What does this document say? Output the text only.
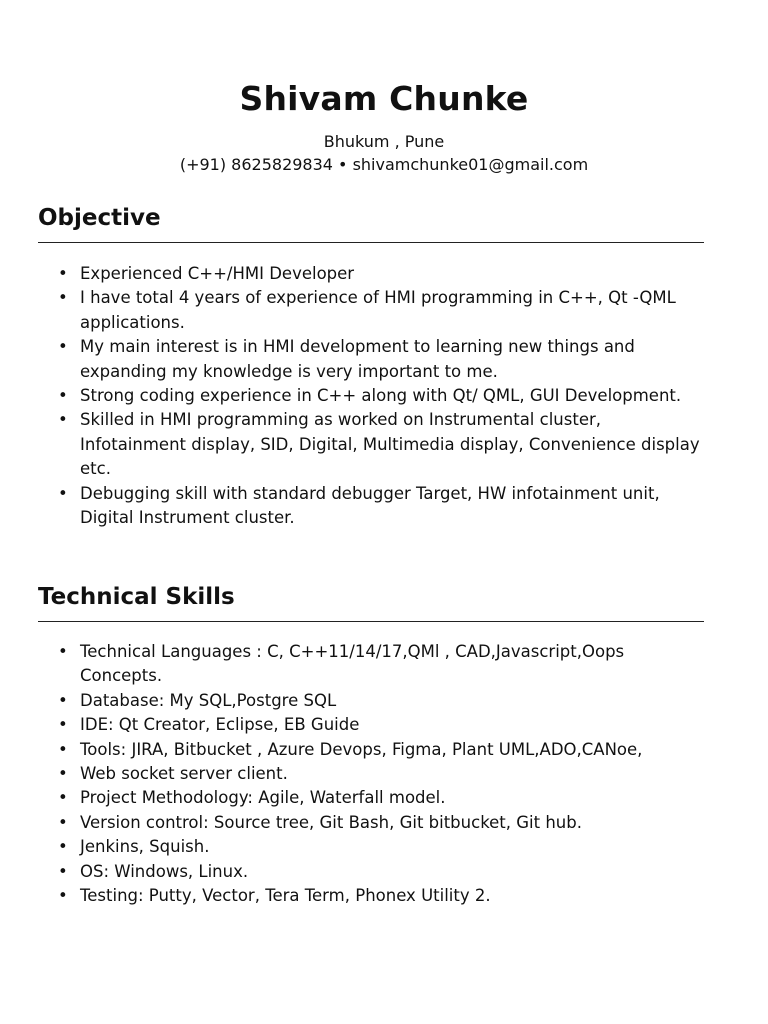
Shivam Chunke
Bhukum , Pune
(+91) 8625829834 • shivamchunke01@gmail.com
Objective
• Experienced C++/HMI Developer
• I have total 4 years of experience of HMI programming in C++, Qt -QML applications.
• My main interest is in HMI development to learning new things and expanding my knowledge is very important to me.
• Strong coding experience in C++ along with Qt/ QML, GUI Development.
• Skilled in HMI programming as worked on Instrumental cluster, Infotainment display, SID, Digital, Multimedia display, Convenience display etc.
• Debugging skill with standard debugger Target, HW infotainment unit, Digital Instrument cluster.
Technical Skills
• Technical Languages : C, C++11/14/17,QMl , CAD,Javascript,Oops Concepts.
• Database: My SQL,Postgre SQL
• IDE: Qt Creator, Eclipse, EB Guide
• Tools: JIRA, Bitbucket , Azure Devops, Figma, Plant UML,ADO,CANoe,
• Web socket server client.
• Project Methodology: Agile, Waterfall model.
• Version control: Source tree, Git Bash, Git bitbucket, Git hub.
• Jenkins, Squish.
• OS: Windows, Linux.
• Testing: Putty, Vector, Tera Term, Phonex Utility 2.
